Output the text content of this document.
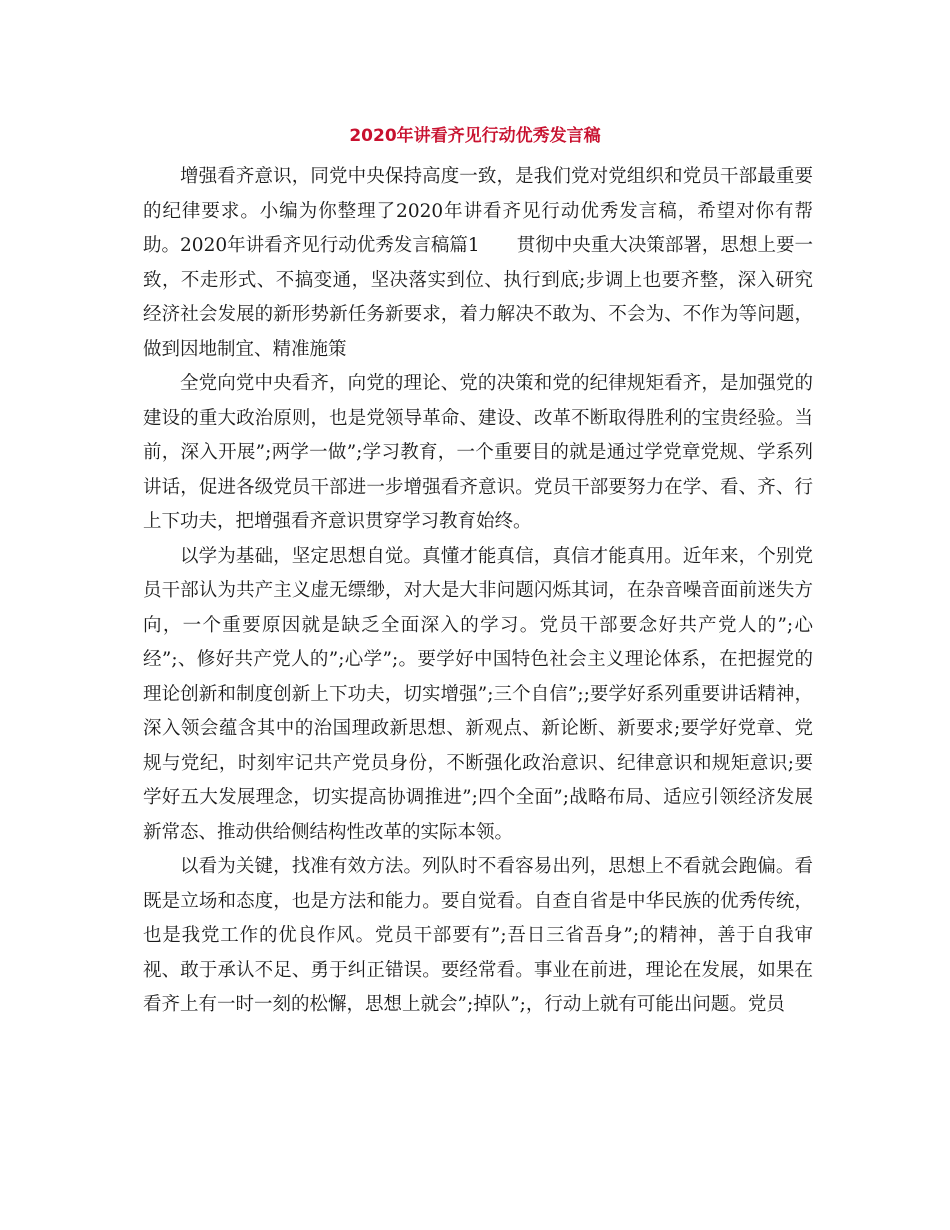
2020年讲看齐见行动优秀发言稿

增强看齐意识，同党中央保持高度一致，是我们党对党组织和党员干部最重要的纪律要求。小编为你整理了2020年讲看齐见行动优秀发言稿，希望对你有帮助。2020年讲看齐见行动优秀发言稿篇1　　贯彻中央重大决策部署，思想上要一致，不走形式、不搞变通，坚决落实到位、执行到底;步调上也要齐整，深入研究经济社会发展的新形势新任务新要求，着力解决不敢为、不会为、不作为等问题，做到因地制宜、精准施策

全党向党中央看齐，向党的理论、党的决策和党的纪律规矩看齐，是加强党的建设的重大政治原则，也是党领导革命、建设、改革不断取得胜利的宝贵经验。当前，深入开展”;两学一做”;学习教育，一个重要目的就是通过学党章党规、学系列讲话，促进各级党员干部进一步增强看齐意识。党员干部要努力在学、看、齐、行上下功夫，把增强看齐意识贯穿学习教育始终。

以学为基础，坚定思想自觉。真懂才能真信，真信才能真用。近年来，个别党员干部认为共产主义虚无缥缈，对大是大非问题闪烁其词，在杂音噪音面前迷失方向，一个重要原因就是缺乏全面深入的学习。党员干部要念好共产党人的”;心经”;、修好共产党人的”;心学”;。要学好中国特色社会主义理论体系，在把握党的理论创新和制度创新上下功夫，切实增强”;三个自信”;;要学好系列重要讲话精神，深入领会蕴含其中的治国理政新思想、新观点、新论断、新要求;要学好党章、党规与党纪，时刻牢记共产党员身份，不断强化政治意识、纪律意识和规矩意识;要学好五大发展理念，切实提高协调推进”;四个全面”;战略布局、适应引领经济发展新常态、推动供给侧结构性改革的实际本领。

以看为关键，找准有效方法。列队时不看容易出列，思想上不看就会跑偏。看既是立场和态度，也是方法和能力。要自觉看。自查自省是中华民族的优秀传统，也是我党工作的优良作风。党员干部要有”;吾日三省吾身”;的精神，善于自我审视、敢于承认不足、勇于纠正错误。要经常看。事业在前进，理论在发展，如果在看齐上有一时一刻的松懈，思想上就会”;掉队”;，行动上就有可能出问题。党员
